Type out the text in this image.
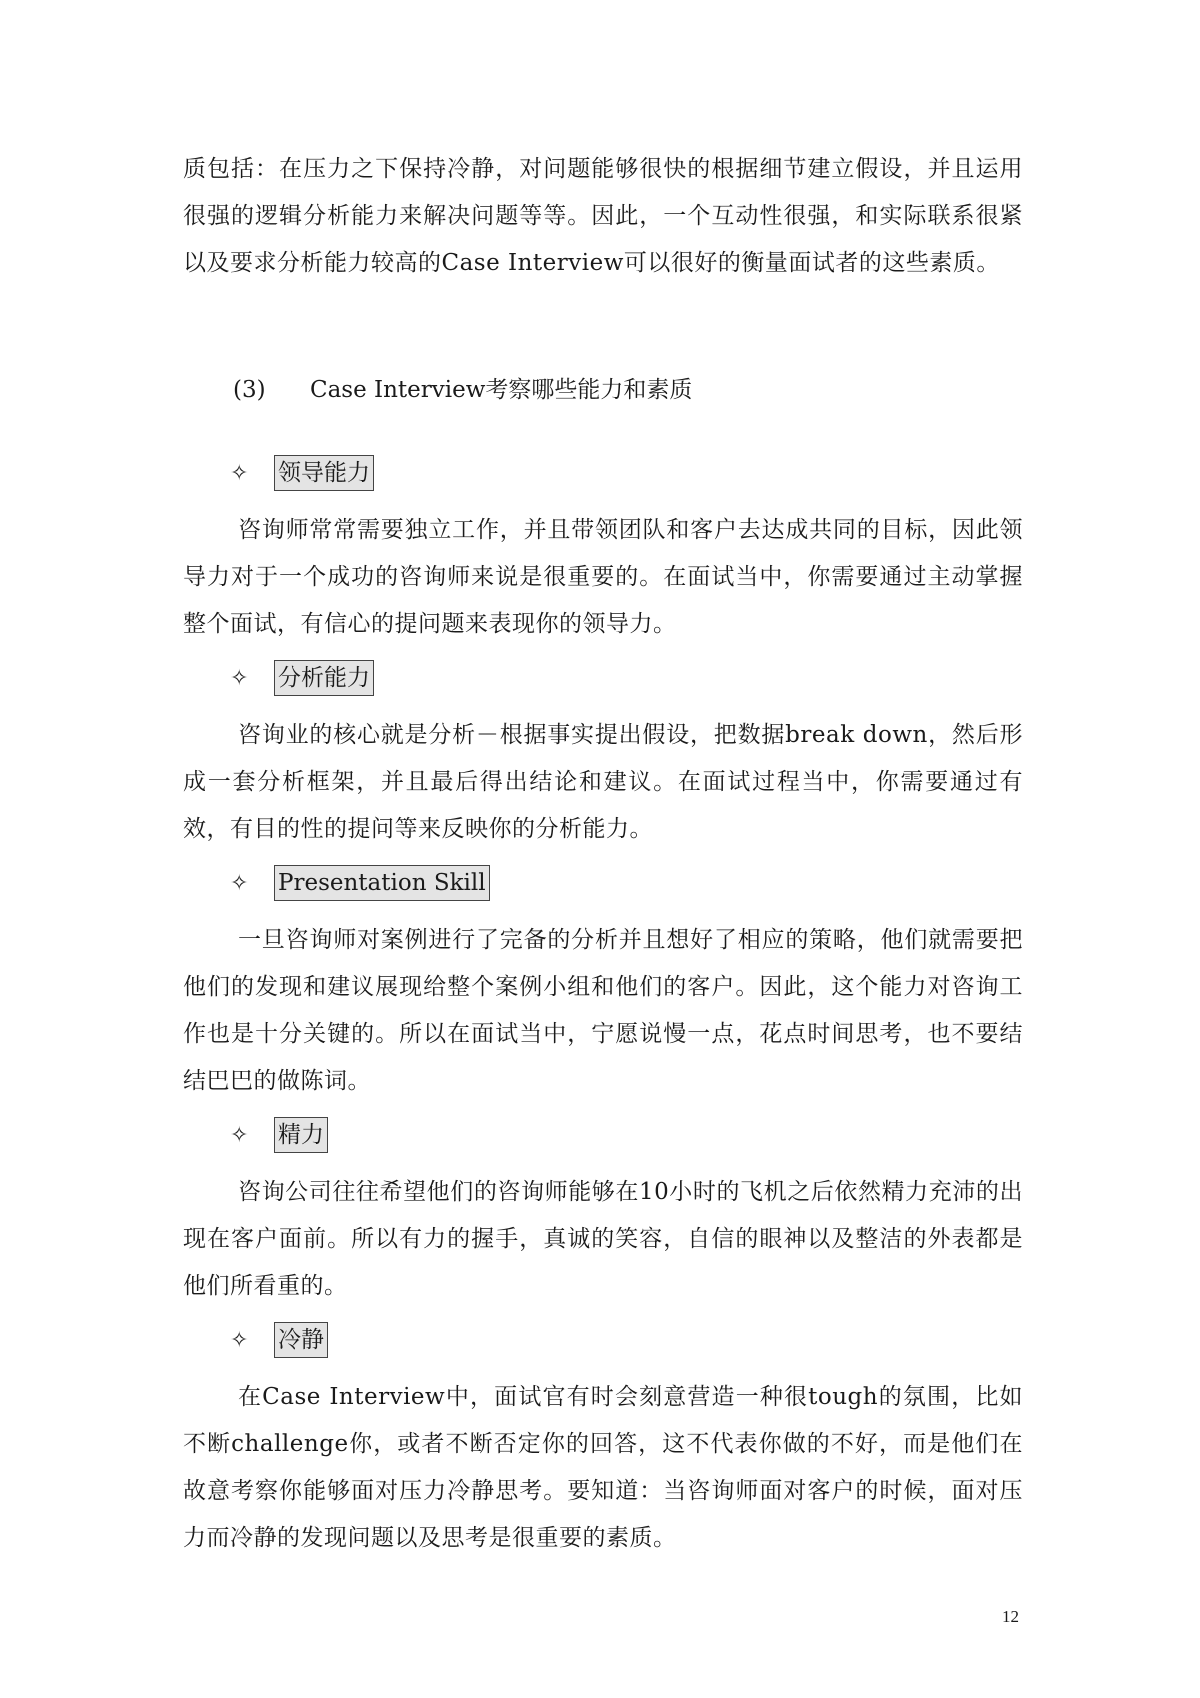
质包括：在压力之下保持冷静，对问题能够很快的根据细节建立假设，并且运用很强的逻辑分析能力来解决问题等等。因此，一个互动性很强，和实际联系很紧以及要求分析能力较高的Case Interview可以很好的衡量面试者的这些素质。

(3) Case Interview考察哪些能力和素质
✧	领导能力

咨询师常常需要独立工作，并且带领团队和客户去达成共同的目标，因此领导力对于一个成功的咨询师来说是很重要的。在面试当中，你需要通过主动掌握整个面试，有信心的提问题来表现你的领导力。

✧	分析能力

咨询业的核心就是分析－根据事实提出假设，把数据break down，然后形成一套分析框架，并且最后得出结论和建议。在面试过程当中，你需要通过有效，有目的性的提问等来反映你的分析能力。

✧	Presentation Skill

一旦咨询师对案例进行了完备的分析并且想好了相应的策略，他们就需要把他们的发现和建议展现给整个案例小组和他们的客户。因此，这个能力对咨询工作也是十分关键的。所以在面试当中，宁愿说慢一点，花点时间思考，也不要结结巴巴的做陈词。

✧	精力

咨询公司往往希望他们的咨询师能够在10小时的飞机之后依然精力充沛的出现在客户面前。所以有力的握手，真诚的笑容，自信的眼神以及整洁的外表都是他们所看重的。

✧	冷静

在Case Interview中，面试官有时会刻意营造一种很tough的氛围，比如不断challenge你，或者不断否定你的回答，这不代表你做的不好，而是他们在故意考察你能够面对压力冷静思考。要知道：当咨询师面对客户的时候，面对压力而冷静的发现问题以及思考是很重要的素质。

12
